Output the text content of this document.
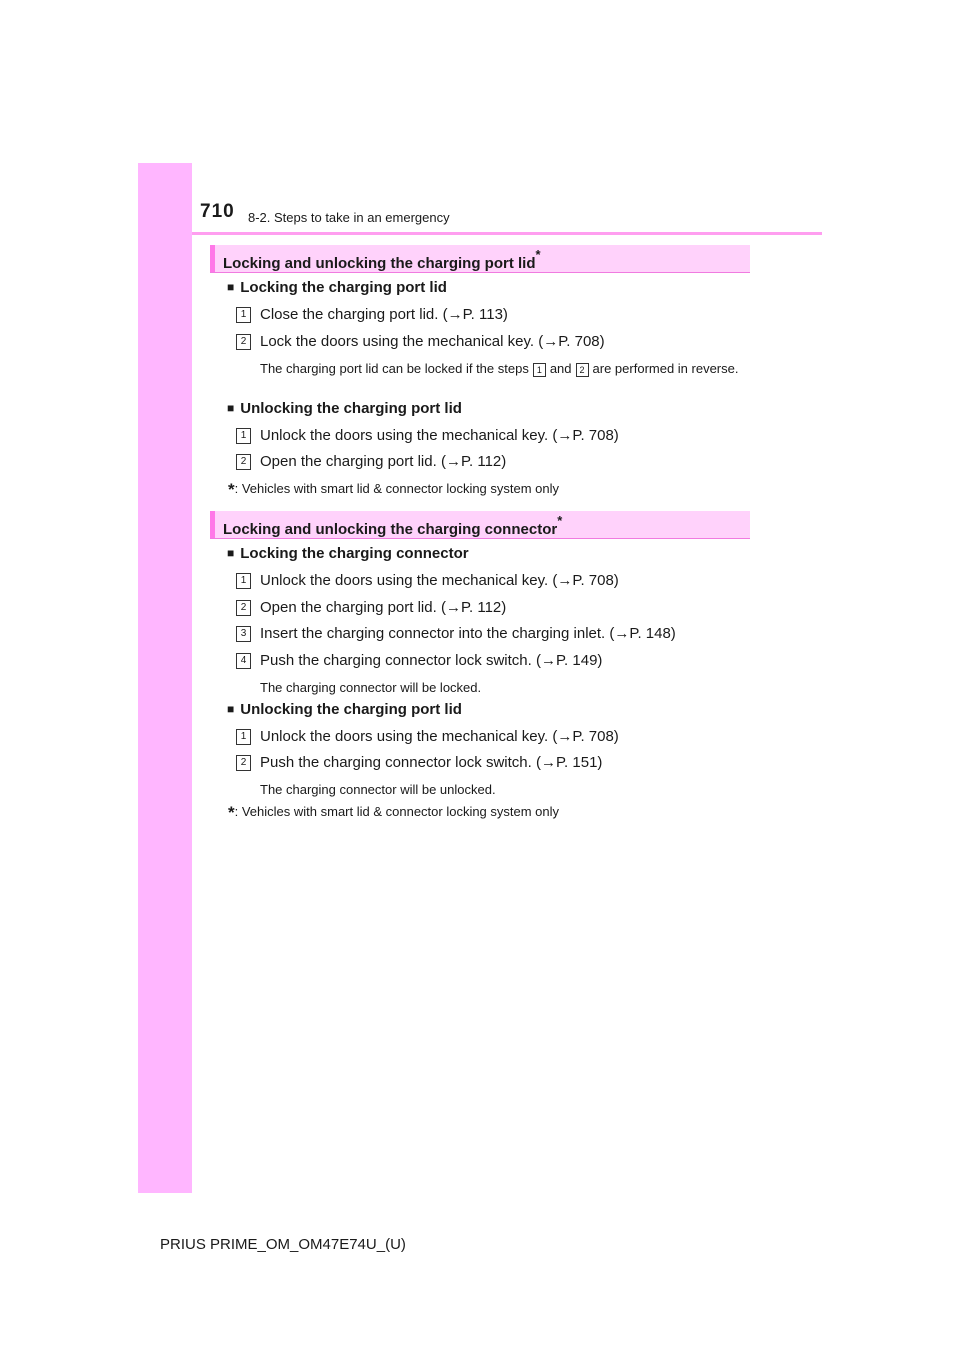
710 8-2. Steps to take in an emergency
Locking and unlocking the charging port lid*
■ Locking the charging port lid
1 Close the charging port lid. (→P. 113)
2 Lock the doors using the mechanical key. (→P. 708)
The charging port lid can be locked if the steps 1 and 2 are performed in reverse.
■ Unlocking the charging port lid
1 Unlock the doors using the mechanical key. (→P. 708)
2 Open the charging port lid. (→P. 112)
*: Vehicles with smart lid & connector locking system only
Locking and unlocking the charging connector*
■ Locking the charging connector
1 Unlock the doors using the mechanical key. (→P. 708)
2 Open the charging port lid. (→P. 112)
3 Insert the charging connector into the charging inlet. (→P. 148)
4 Push the charging connector lock switch. (→P. 149)
The charging connector will be locked.
■ Unlocking the charging port lid
1 Unlock the doors using the mechanical key. (→P. 708)
2 Push the charging connector lock switch. (→P. 151)
The charging connector will be unlocked.
*: Vehicles with smart lid & connector locking system only
PRIUS PRIME_OM_OM47E74U_(U)
